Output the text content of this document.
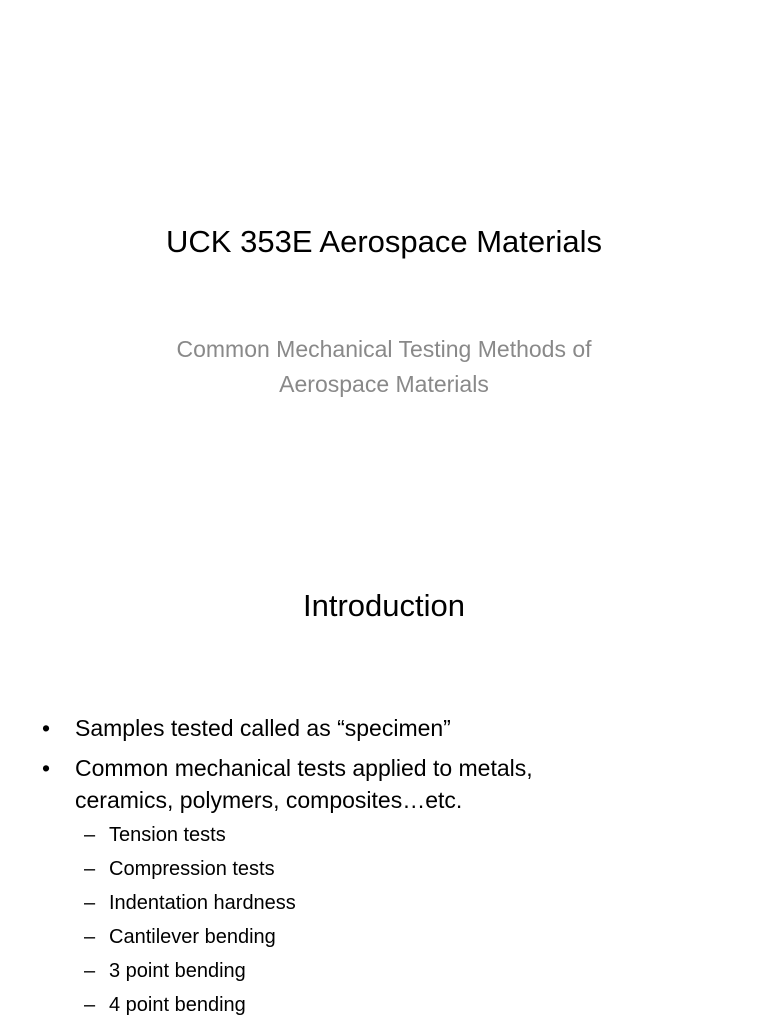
UCK 353E Aerospace Materials
Common Mechanical Testing Methods of
Aerospace Materials
Introduction
•	Samples tested called as “specimen”
•	Common mechanical tests applied to metals,
ceramics, polymers, composites…etc.
– Tension tests
– Compression tests
– Indentation hardness
– Cantilever bending
– 3 point bending
– 4 point bending
